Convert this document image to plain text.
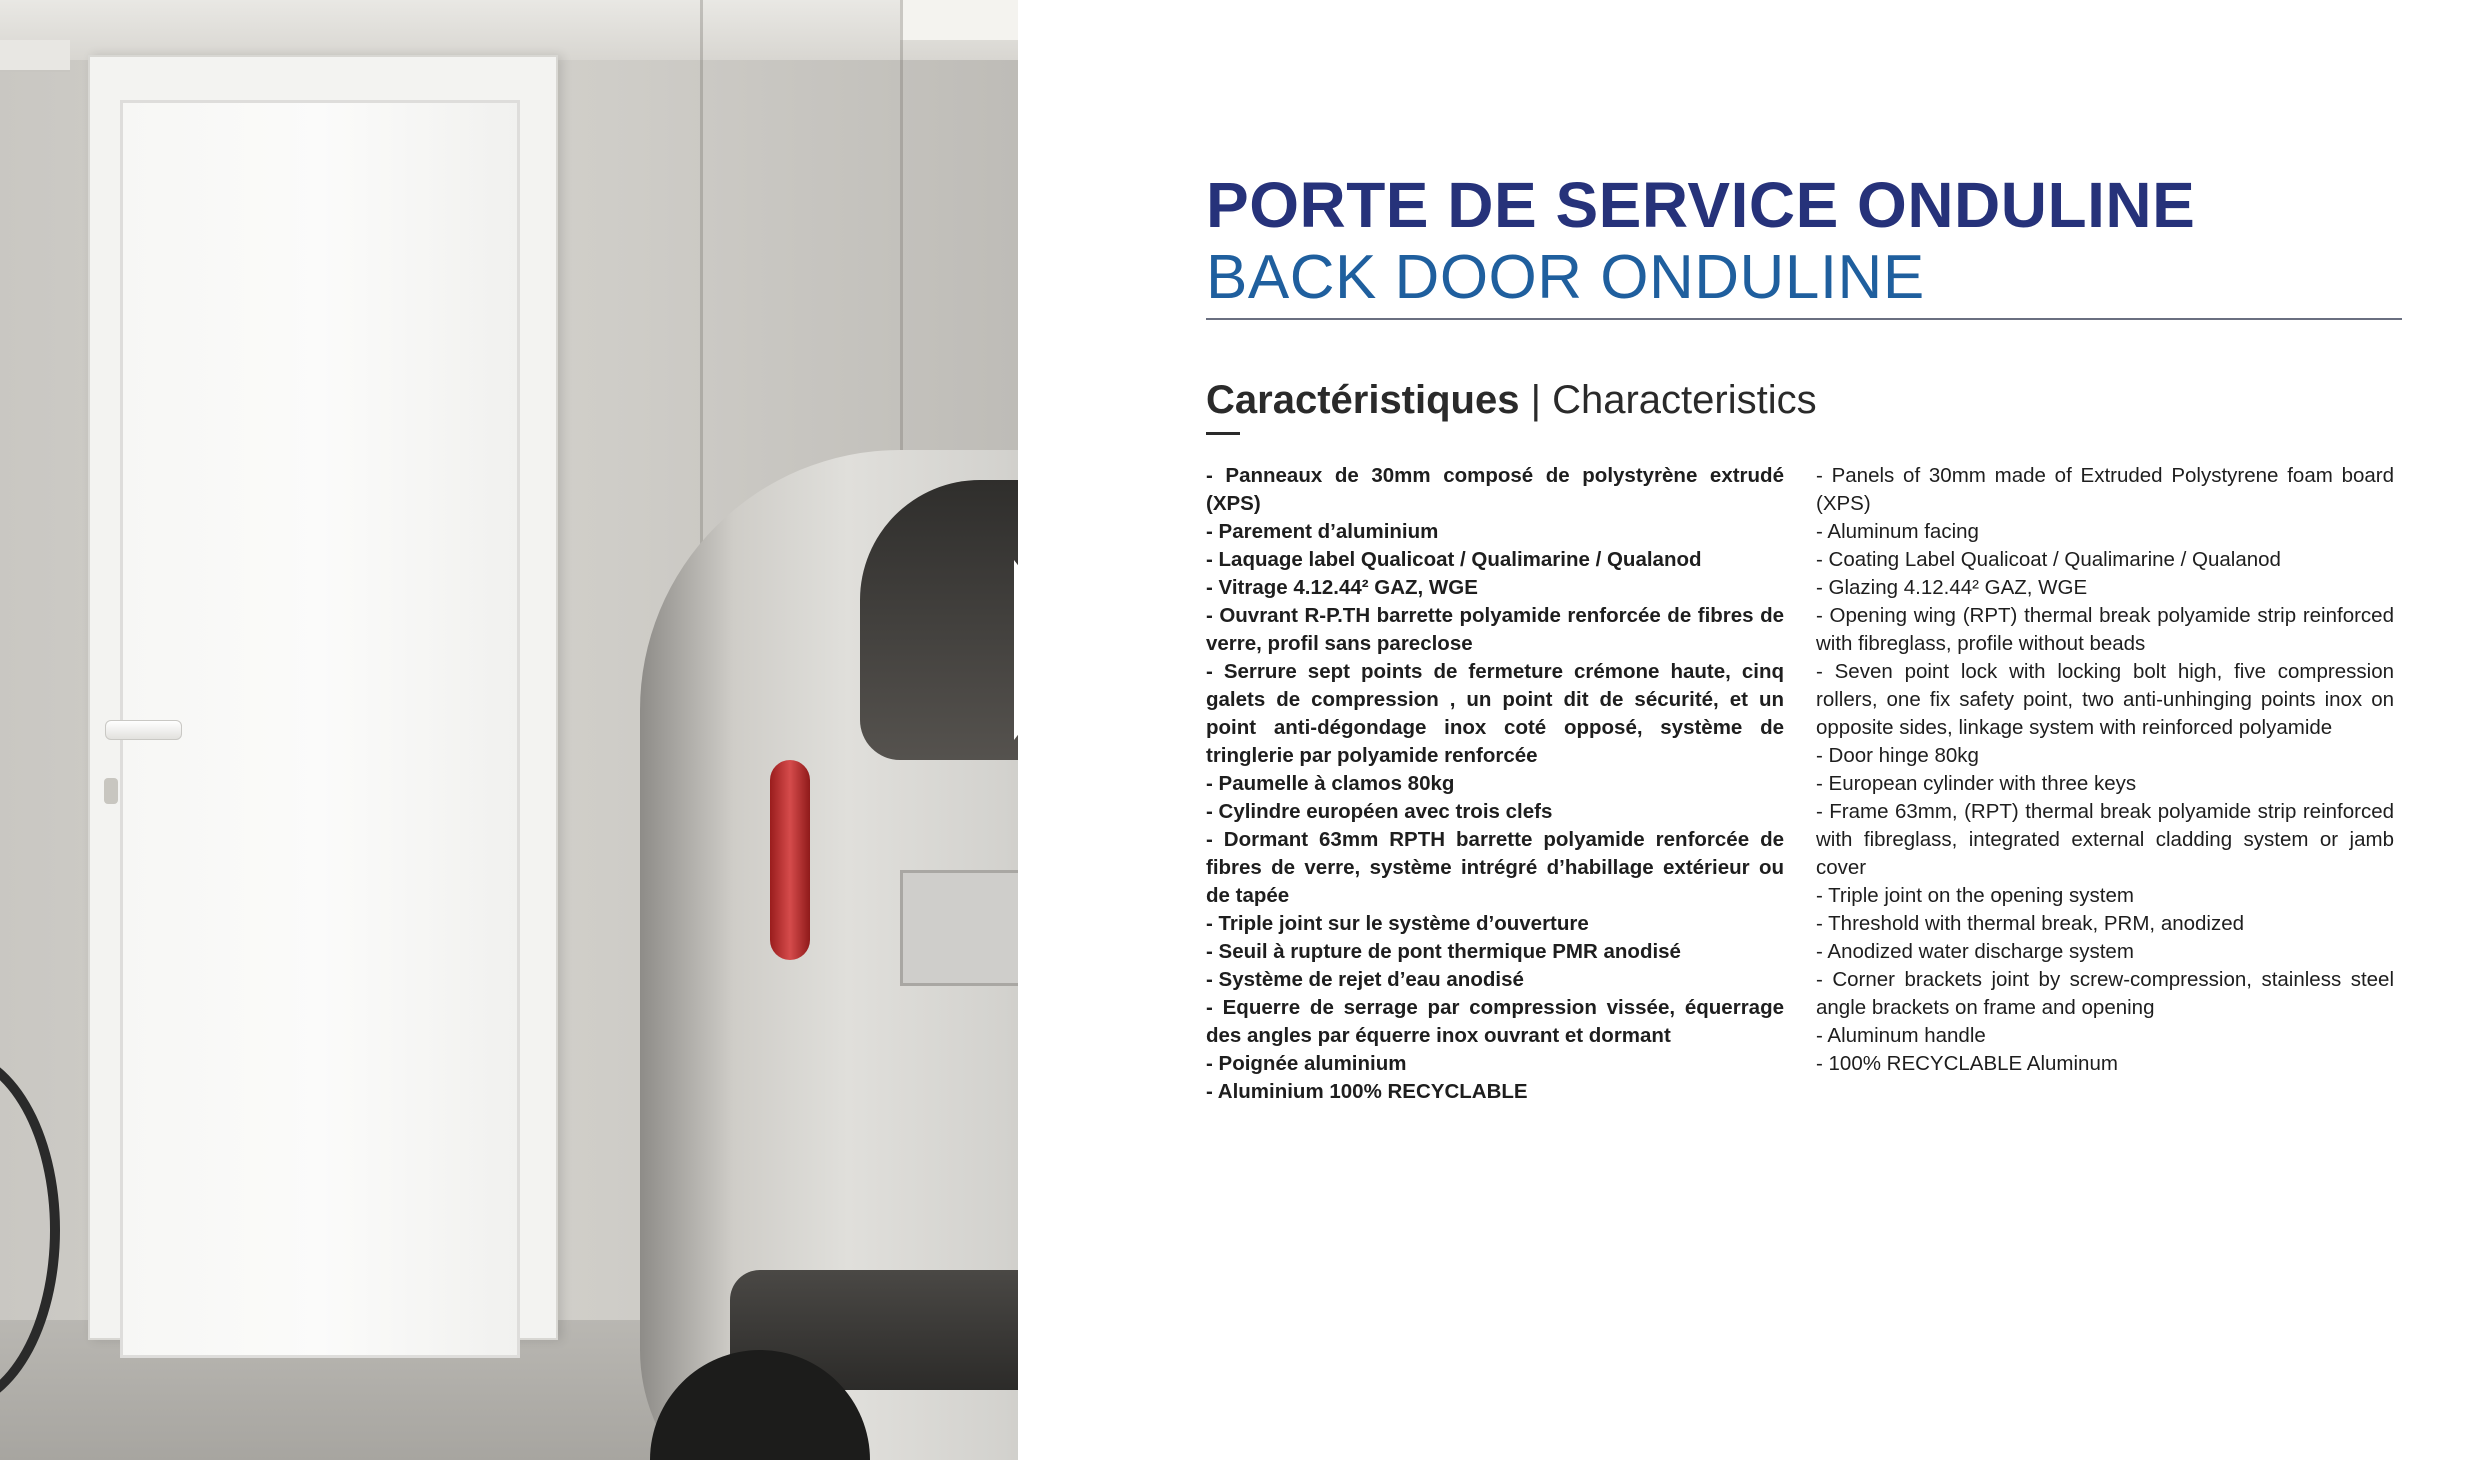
PORTE DE SERVICE ONDULINE
BACK DOOR ONDULINE
Caractéristiques | Characteristics
- Panneaux de 30mm composé de polystyrène extrudé (XPS)
- Parement d’aluminium
- Laquage label Qualicoat / Qualimarine / Qualanod
- Vitrage 4.12.44² GAZ, WGE
- Ouvrant R-P.TH barrette polyamide renforcée de fibres de verre, profil sans pareclose
- Serrure sept points de fermeture crémone haute, cinq galets de compression , un point dit de sécurité, et un point anti-dégondage inox coté opposé, système de tringlerie par polyamide renforcée
- Paumelle à clamos 80kg
- Cylindre européen avec trois clefs
- Dormant 63mm RPTH barrette polyamide renforcée de fibres de verre, système intrégré d’habillage extérieur ou de tapée
- Triple joint sur le système d’ouverture
- Seuil à rupture de pont thermique PMR anodisé
- Système de rejet d’eau anodisé
- Equerre de serrage par compression vissée, équerrage des angles par équerre inox ouvrant et dormant
- Poignée aluminium
- Aluminium 100% RECYCLABLE
- Panels of 30mm made of Extruded Polystyrene foam board (XPS)
- Aluminum facing
- Coating Label Qualicoat / Qualimarine / Qualanod
- Glazing 4.12.44² GAZ, WGE
- Opening wing (RPT) thermal break polyamide strip reinforced with fibreglass, profile without beads
- Seven point lock with locking bolt high, five compression rollers, one fix safety point, two anti-unhinging points inox on opposite sides, linkage system with reinforced polyamide
- Door hinge 80kg
- European cylinder with three keys
- Frame 63mm, (RPT) thermal break polyamide strip reinforced with fibreglass, integrated external cladding system or jamb cover
- Triple joint on the opening system
- Threshold with thermal break, PRM, anodized
- Anodized water discharge system
- Corner brackets joint by screw-compression, stainless steel angle brackets on frame and opening
- Aluminum handle
- 100% RECYCLABLE Aluminum
